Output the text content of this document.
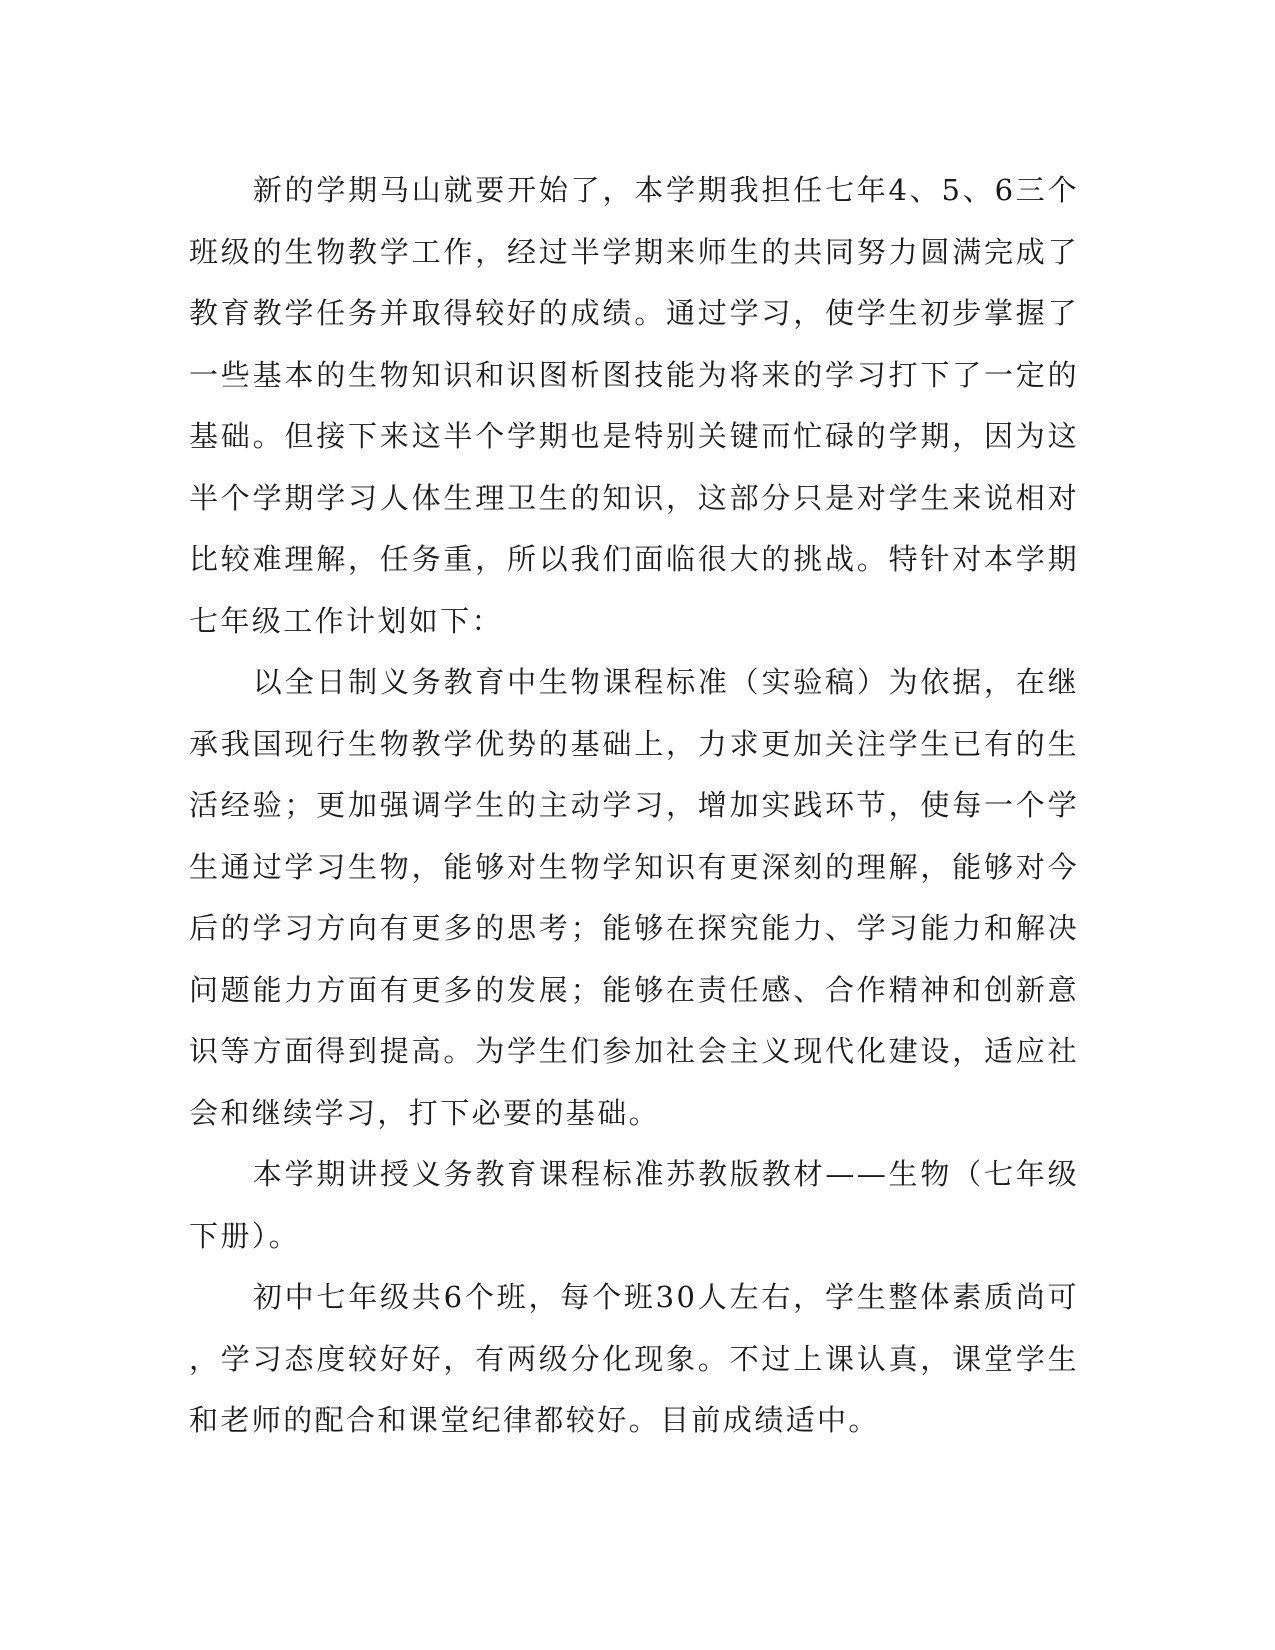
新的学期马山就要开始了，本学期我担任七年4、5、6三个班级的生物教学工作，经过半学期来师生的共同努力圆满完成了教育教学任务并取得较好的成绩。通过学习，使学生初步掌握了一些基本的生物知识和识图析图技能为将来的学习打下了一定的基础。但接下来这半个学期也是特别关键而忙碌的学期，因为这半个学期学习人体生理卫生的知识，这部分只是对学生来说相对比较难理解，任务重，所以我们面临很大的挑战。特针对本学期七年级工作计划如下：

以全日制义务教育中生物课程标准（实验稿）为依据，在继承我国现行生物教学优势的基础上，力求更加关注学生已有的生活经验；更加强调学生的主动学习，增加实践环节，使每一个学生通过学习生物，能够对生物学知识有更深刻的理解，能够对今后的学习方向有更多的思考；能够在探究能力、学习能力和解决问题能力方面有更多的发展；能够在责任感、合作精神和创新意识等方面得到提高。为学生们参加社会主义现代化建设，适应社会和继续学习，打下必要的基础。

本学期讲授义务教育课程标准苏教版教材——生物（七年级下册）。

初中七年级共6个班，每个班30人左右，学生整体素质尚可，学习态度较好好，有两级分化现象。不过上课认真，课堂学生和老师的配合和课堂纪律都较好。目前成绩适中。
